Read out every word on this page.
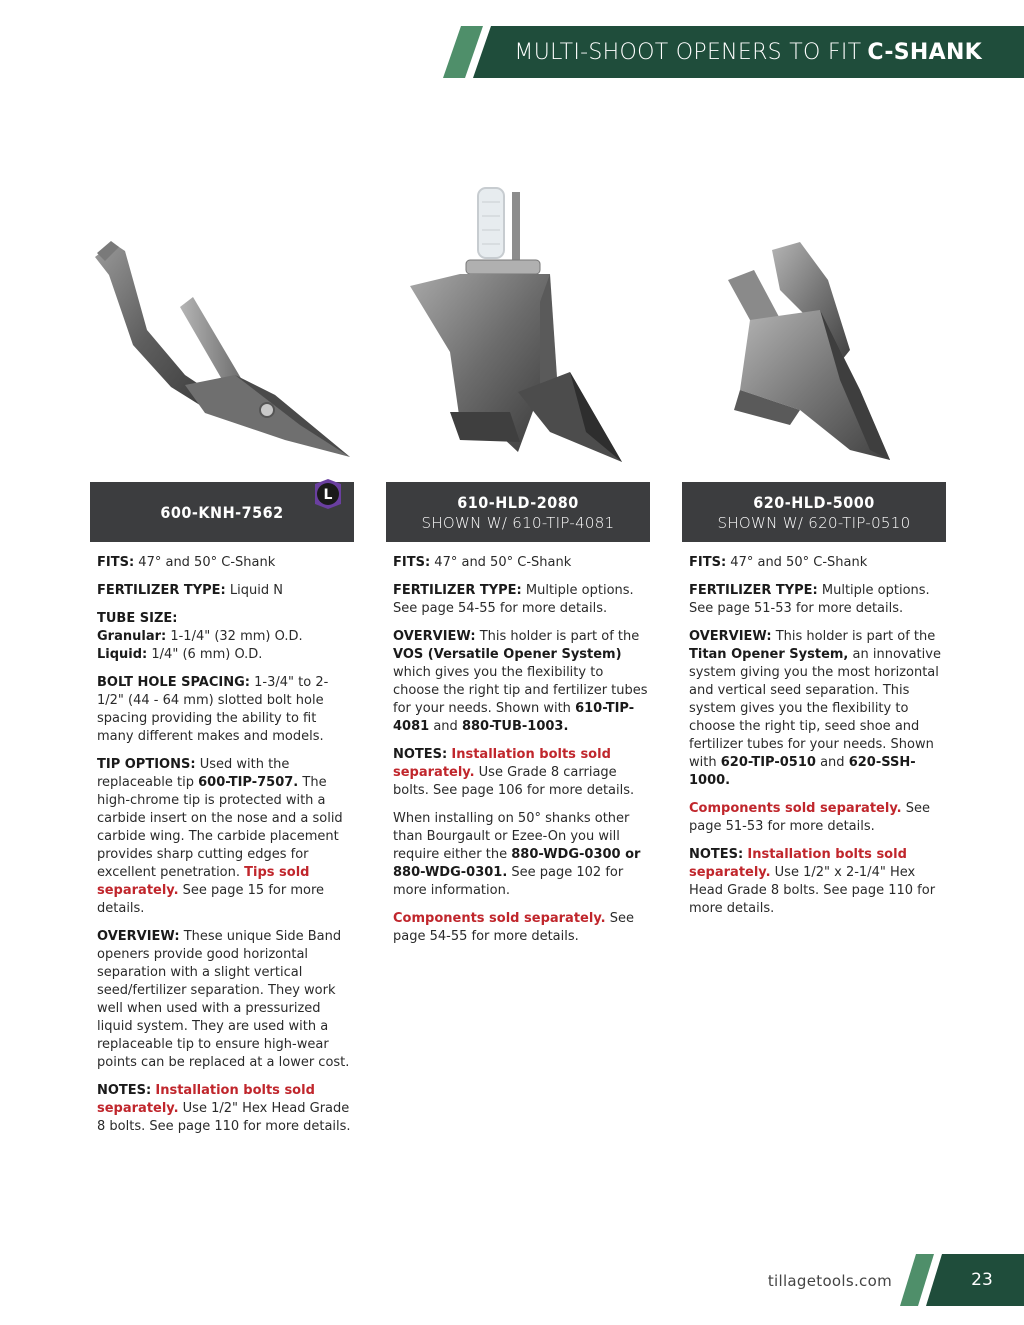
MULTI-SHOOT OPENERS TO FIT C-SHANK
600-KNH-7562
L	610-HLD-2080
SHOWN W/ 610-TIP-4081
620-HLD-5000
SHOWN W/ 620-TIP-0510

FITS: 47° and 50° C-Shank

FERTILIZER TYPE: Liquid N

TUBE SIZE:
Granular: 1-1/4" (32 mm) O.D.
Liquid: 1/4" (6 mm) O.D.

BOLT HOLE SPACING: 1-3/4" to 2-1/2" (44 - 64 mm) slotted bolt hole spacing providing the ability to fit many different makes and models.

TIP OPTIONS: Used with the replaceable tip 600-TIP-7507. The high-chrome tip is protected with a carbide insert on the nose and a solid carbide wing. The carbide placement provides sharp cutting edges for excellent penetration. Tips sold separately. See page 15 for more details.

OVERVIEW: These unique Side Band openers provide good horizontal separation with a slight vertical seed/fertilizer separation. They work well when used with a pressurized liquid system. They are used with a replaceable tip to ensure high-wear points can be replaced at a lower cost.

NOTES: Installation bolts sold separately. Use 1/2" Hex Head Grade 8 bolts. See page 110 for more details.

FITS: 47° and 50° C-Shank

FERTILIZER TYPE: Multiple options. See page 54-55 for more details.

OVERVIEW: This holder is part of the VOS (Versatile Opener System) which gives you the flexibility to choose the right tip and fertilizer tubes for your needs. Shown with 610-TIP-4081 and 880-TUB-1003.

NOTES: Installation bolts sold separately. Use Grade 8 carriage bolts. See page 106 for more details.

When installing on 50° shanks other than Bourgault or Ezee-On you will require either the 880-WDG-0300 or 880-WDG-0301. See page 102 for more information.

Components sold separately. See page 54-55 for more details.

FITS: 47° and 50° C-Shank

FERTILIZER TYPE: Multiple options. See page 51-53 for more details.

OVERVIEW: This holder is part of the Titan Opener System, an innovative system giving you the most horizontal and vertical seed separation. This system gives you the flexibility to choose the right tip, seed shoe and fertilizer tubes for your needs. Shown with 620-TIP-0510 and 620-SSH-1000.

Components sold separately. See page 51-53 for more details.

NOTES: Installation bolts sold separately. Use 1/2" x 2-1/4" Hex Head Grade 8 bolts. See page 110 for more details.

tillagetools.com	23
